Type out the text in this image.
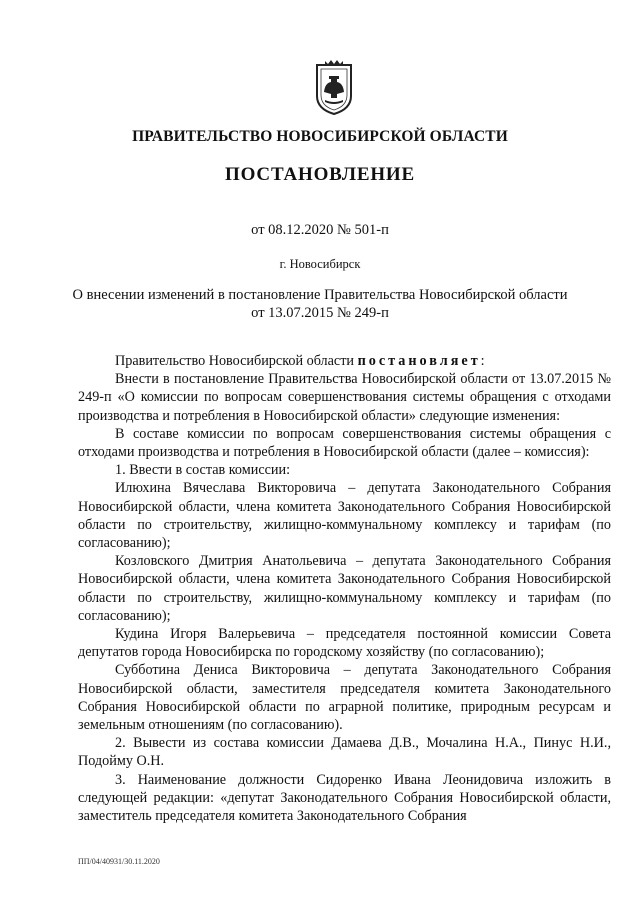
ПРАВИТЕЛЬСТВО НОВОСИБИРСКОЙ ОБЛАСТИ
ПОСТАНОВЛЕНИЕ
от 08.12.2020 № 501-п
г. Новосибирск
О внесении изменений в постановление Правительства Новосибирской области
от 13.07.2015 № 249-п

Правительство Новосибирской области постановляет:

Внести в постановление Правительства Новосибирской области от 13.07.2015 № 249-п «О комиссии по вопросам совершенствования системы обращения с отходами производства и потребления в Новосибирской области» следующие изменения:

В составе комиссии по вопросам совершенствования системы обращения с отходами производства и потребления в Новосибирской области (далее – комиссия):

1. Ввести в состав комиссии:

Илюхина Вячеслава Викторовича – депутата Законодательного Собрания Новосибирской области, члена комитета Законодательного Собрания Новосибирской области по строительству, жилищно-коммунальному комплексу и тарифам (по согласованию);

Козловского Дмитрия Анатольевича – депутата Законодательного Собрания Новосибирской области, члена комитета Законодательного Собрания Новосибирской области по строительству, жилищно-коммунальному комплексу и тарифам (по согласованию);

Кудина Игоря Валерьевича – председателя постоянной комиссии Совета депутатов города Новосибирска по городскому хозяйству (по согласованию);

Субботина Дениса Викторовича – депутата Законодательного Собрания Новосибирской области, заместителя председателя комитета Законодательного Собрания Новосибирской области по аграрной политике, природным ресурсам и земельным отношениям (по согласованию).

2. Вывести из состава комиссии Дамаева Д.В., Мочалина Н.А., Пинус Н.И., Подойму О.Н.

3. Наименование должности Сидоренко Ивана Леонидовича изложить в следующей редакции: «депутат Законодательного Собрания Новосибирской области, заместитель председателя комитета Законодательного Собрания

ПП/04/40931/30.11.2020
